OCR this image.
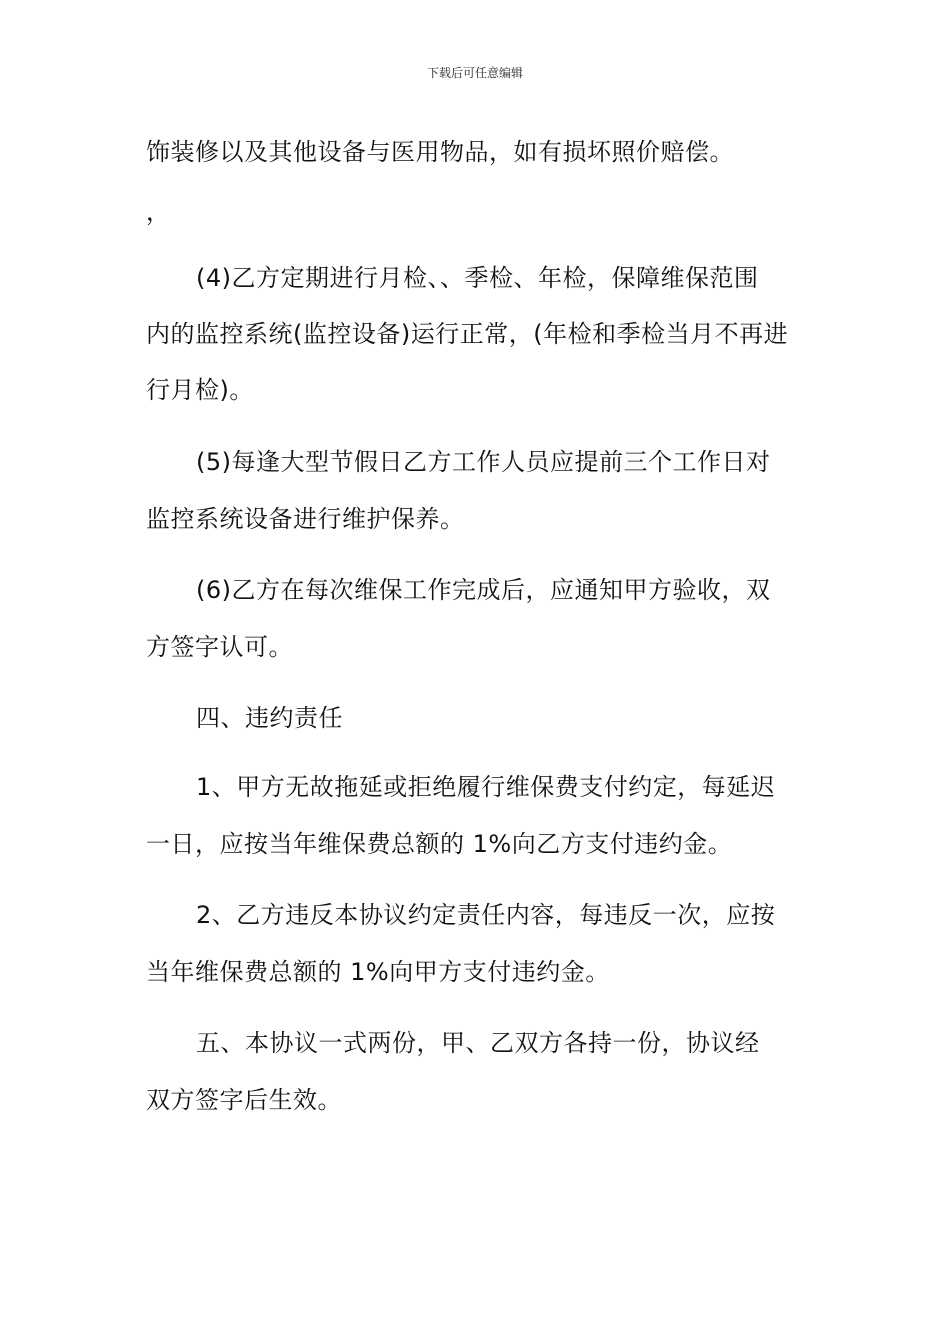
下载后可任意编辑
饰装修以及其他设备与医用物品，如有损坏照价赔偿。
，
(4)乙方定期进行月检、、季检、年检，保障维保范围
内的监控系统(监控设备)运行正常，(年检和季检当月不再进
行月检)。
(5)每逢大型节假日乙方工作人员应提前三个工作日对
监控系统设备进行维护保养。
(6)乙方在每次维保工作完成后，应通知甲方验收，双
方签字认可。
四、违约责任
1、甲方无故拖延或拒绝履行维保费支付约定，每延迟
一日，应按当年维保费总额的 1%向乙方支付违约金。
2、乙方违反本协议约定责任内容，每违反一次，应按
当年维保费总额的 1%向甲方支付违约金。
五、本协议一式两份，甲、乙双方各持一份，协议经
双方签字后生效。
